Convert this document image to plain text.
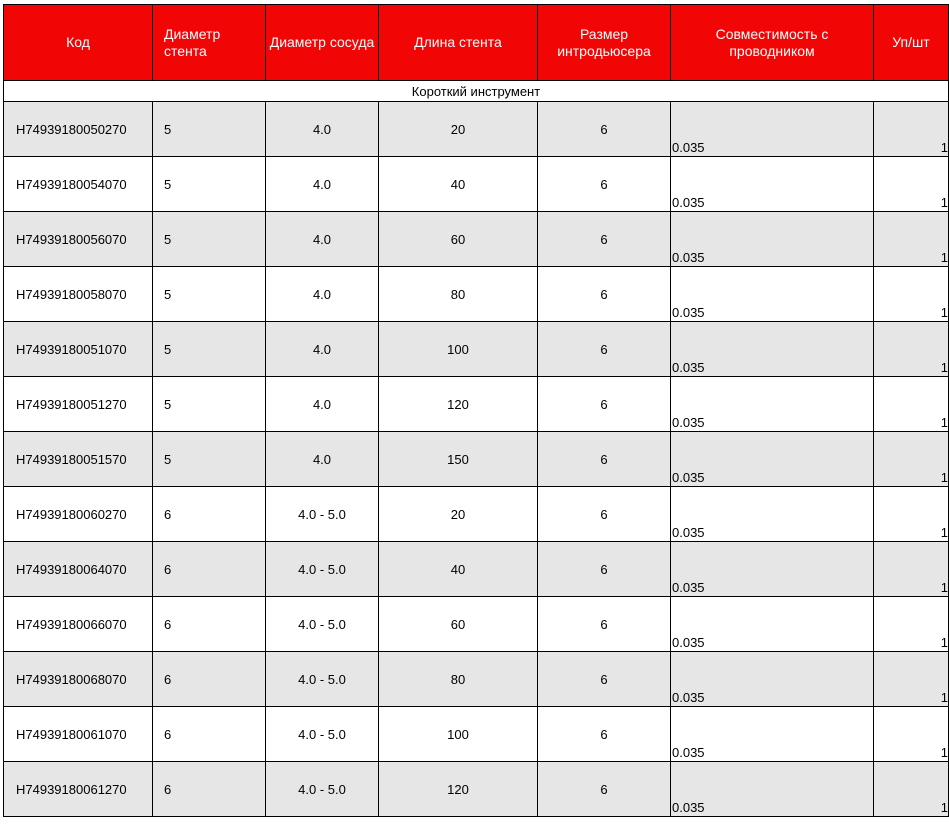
Код	Диаметр стента	Диаметр сосуда	Длина стента	Размер интродьюсера	Совместимость с проводником	Уп/шт
Короткий инструмент						
H74939180050270	5	4.0	20	6	0.035	1
H74939180054070	5	4.0	40	6	0.035	1
H74939180056070	5	4.0	60	6	0.035	1
H74939180058070	5	4.0	80	6	0.035	1
H74939180051070	5	4.0	100	6	0.035	1
H74939180051270	5	4.0	120	6	0.035	1
H74939180051570	5	4.0	150	6	0.035	1
H74939180060270	6	4.0 - 5.0	20	6	0.035	1
H74939180064070	6	4.0 - 5.0	40	6	0.035	1
H74939180066070	6	4.0 - 5.0	60	6	0.035	1
H74939180068070	6	4.0 - 5.0	80	6	0.035	1
H74939180061070	6	4.0 - 5.0	100	6	0.035	1
H74939180061270	6	4.0 - 5.0	120	6	0.035	1
